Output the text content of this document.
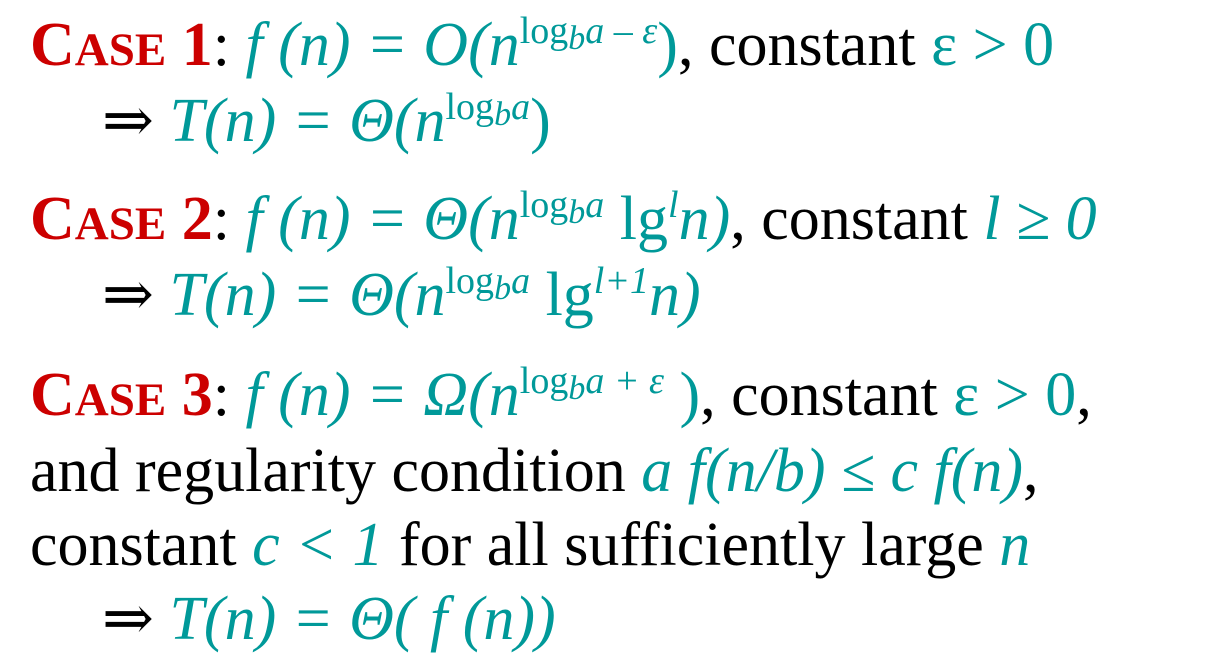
CASE 1: f $(n) = O(n^{log_ba - \varepsilon})$, constant ε > 0
⇒ $T(n) = \Theta(n^{log_ba})$
CASE 2: f $(n) = \Theta(n^{log_ba}$ $\lg^ln$), constant l ≥ 0
⇒ $T(n) = \Theta(n^{log_ba}$ $\lg^{l+1}n$)
CASE 3: f $(n) = \Omega(n^{log_ba + \varepsilon}$ ), constant ε > 0,
and regularity condition a f(n/b) ≤ c f(n),
constant c < 1 for all sufficiently large n
⇒ T(n) = Θ( f (n))
